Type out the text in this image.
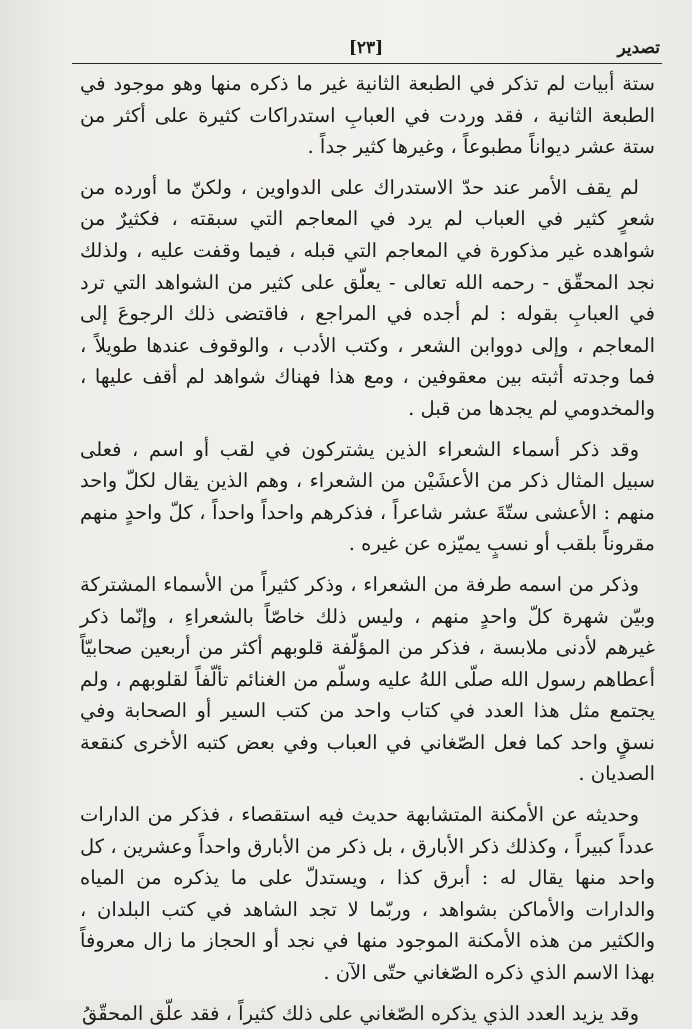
تصدير
[٢٣]

ستة أبيات لم تذكر في الطبعة الثانية غير ما ذكره منها وهو موجود في الطبعة الثانية ، فقد وردت في العبابِ استدراكات كثيرة على أكثر من ستة عشر ديواناً مطبوعاً ، وغيرها كثير جداً .

لم يقف الأمر عند حدّ الاستدراك على الدواوين ، ولكنّ ما أورده من شعرٍ كثير في العباب لم يرد في المعاجم التي سبقته ، فكثيرٌ من شواهده غير مذكورة في المعاجم التي قبله ، فيما وقفت عليه ، ولذلك نجد المحقّق - رحمه الله تعالى - يعلّق على كثير من الشواهد التي ترد في العبابِ بقوله : لم أجده في المراجع ، فاقتضى ذلك الرجوعَ إلى المعاجم ، وإلى دووابن الشعر ، وكتب الأدب ، والوقوف عندها طويلاً ، فما وجدته أثبته بين معقوفين ، ومع هذا فهناك شواهد لم أقف عليها ، والمخدومي لم يجدها من قبل .

وقد ذكر أسماء الشعراء الذين يشتركون في لقب أو اسم ، فعلى سبيل المثال ذكر من الأعشَيْن من الشعراء ، وهم الذين يقال لكلّ واحد منهم : الأعشى ستّةَ عشر شاعراً ، فذكرهم واحداً واحداً ، كلّ واحدٍ منهم مقروناً بلقب أو نسبٍ يميّزه عن غيره .

وذكر من اسمه طرفة من الشعراء ، وذكر كثيراً من الأسماء المشتركة وبيّن شهرة كلّ واحدٍ منهم ، وليس ذلك خاصّاً بالشعراءِ ، وإنّما ذكر غيرهم لأدنى ملابسة ، فذكر من المؤلّفة قلوبهم أكثر من أربعين صحابيّاً أعطاهم رسول الله صلّى اللهُ عليه وسلّم من الغنائم تألّفاً لقلوبهم ، ولم يجتمع مثل هذا العدد في كتاب واحد من كتب السير أو الصحابة وفي نسقٍ واحد كما فعل الصّغاني في العباب وفي بعض كتبه الأخرى كنقعة الصديان .

وحديثه عن الأمكنة المتشابهة حديث فيه استقصاء ، فذكر من الدارات عدداً كبيراً ، وكذلك ذكر الأبارق ، بل ذكر من الأبارق واحداً وعشرين ، كل واحد منها يقال له : أبرق كذا ، ويستدلّ على ما يذكره من المياه والدارات والأماكن بشواهد ، وربّما لا تجد الشاهد في كتب البلدان ، والكثير من هذه الأمكنة الموجود منها في نجد أو الحجاز ما زال معروفاً بهذا الاسم الذي ذكره الصّغاني حتّى الآن .

وقد يزيد العدد الذي يذكره الصّغاني على ذلك كثيراً ، فقد علّق المحقّقُ
